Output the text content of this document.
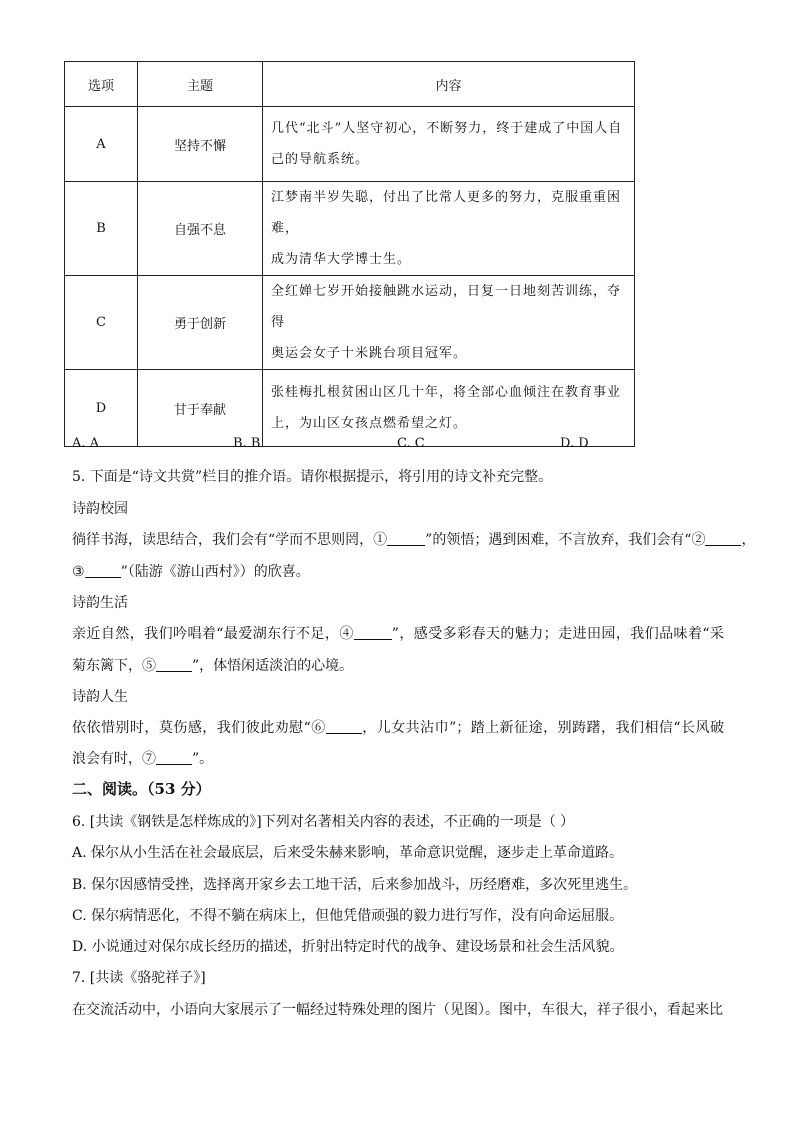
选项	主题	内容
A	坚持不懈	几代“北斗”人坚守初心，不断努力，终于建成了中国人自
己的导航系统。

B	自强不息	江梦南半岁失聪，付出了比常人更多的努力，克服重重困难，
成为清华大学博士生。

C	勇于创新	全红婵七岁开始接触跳水运动，日复一日地刻苦训练，夺得
奥运会女子十米跳台项目冠军。

D	甘于奉献	张桂梅扎根贫困山区几十年，将全部心血倾注在教育事业
上，为山区女孩点燃希望之灯。
A. A	B. B	C. C	D. D
5. 下面是“诗文共赏”栏目的推介语。请你根据提示，将引用的诗文补充完整。
诗韵校园
徜徉书海，读思结合，我们会有“学而不思则罔，①	”的领悟；遇到困难，不言放弃，我们会有“②	，
③	”（陆游《游山西村》）的欣喜。
诗韵生活
亲近自然，我们吟唱着“最爱湖东行不足，④	”，感受多彩春天的魅力；走进田园，我们品味着“采
菊东篱下，⑤	”，体悟闲适淡泊的心境。
诗韵人生
依依惜别时，莫伤感，我们彼此劝慰“⑥	，儿女共沾巾”；踏上新征途，别踌躇，我们相信“长风破
浪会有时，⑦	”。
二、阅读。（53 分）
6. [共读《钢铁是怎样炼成的》]下列对名著相关内容的表述，不正确的一项是（ ）
A. 保尔从小生活在社会最底层，后来受朱赫来影响，革命意识觉醒，逐步走上革命道路。
B. 保尔因感情受挫，选择离开家乡去工地干活，后来参加战斗，历经磨难，多次死里逃生。
C. 保尔病情恶化，不得不躺在病床上，但他凭借顽强的毅力进行写作，没有向命运屈服。
D. 小说通过对保尔成长经历的描述，折射出特定时代的战争、建设场景和社会生活风貌。
7. [共读《骆驼祥子》]
在交流活动中，小语向大家展示了一幅经过特殊处理的图片（见图）。图中，车很大，祥子很小，看起来比
